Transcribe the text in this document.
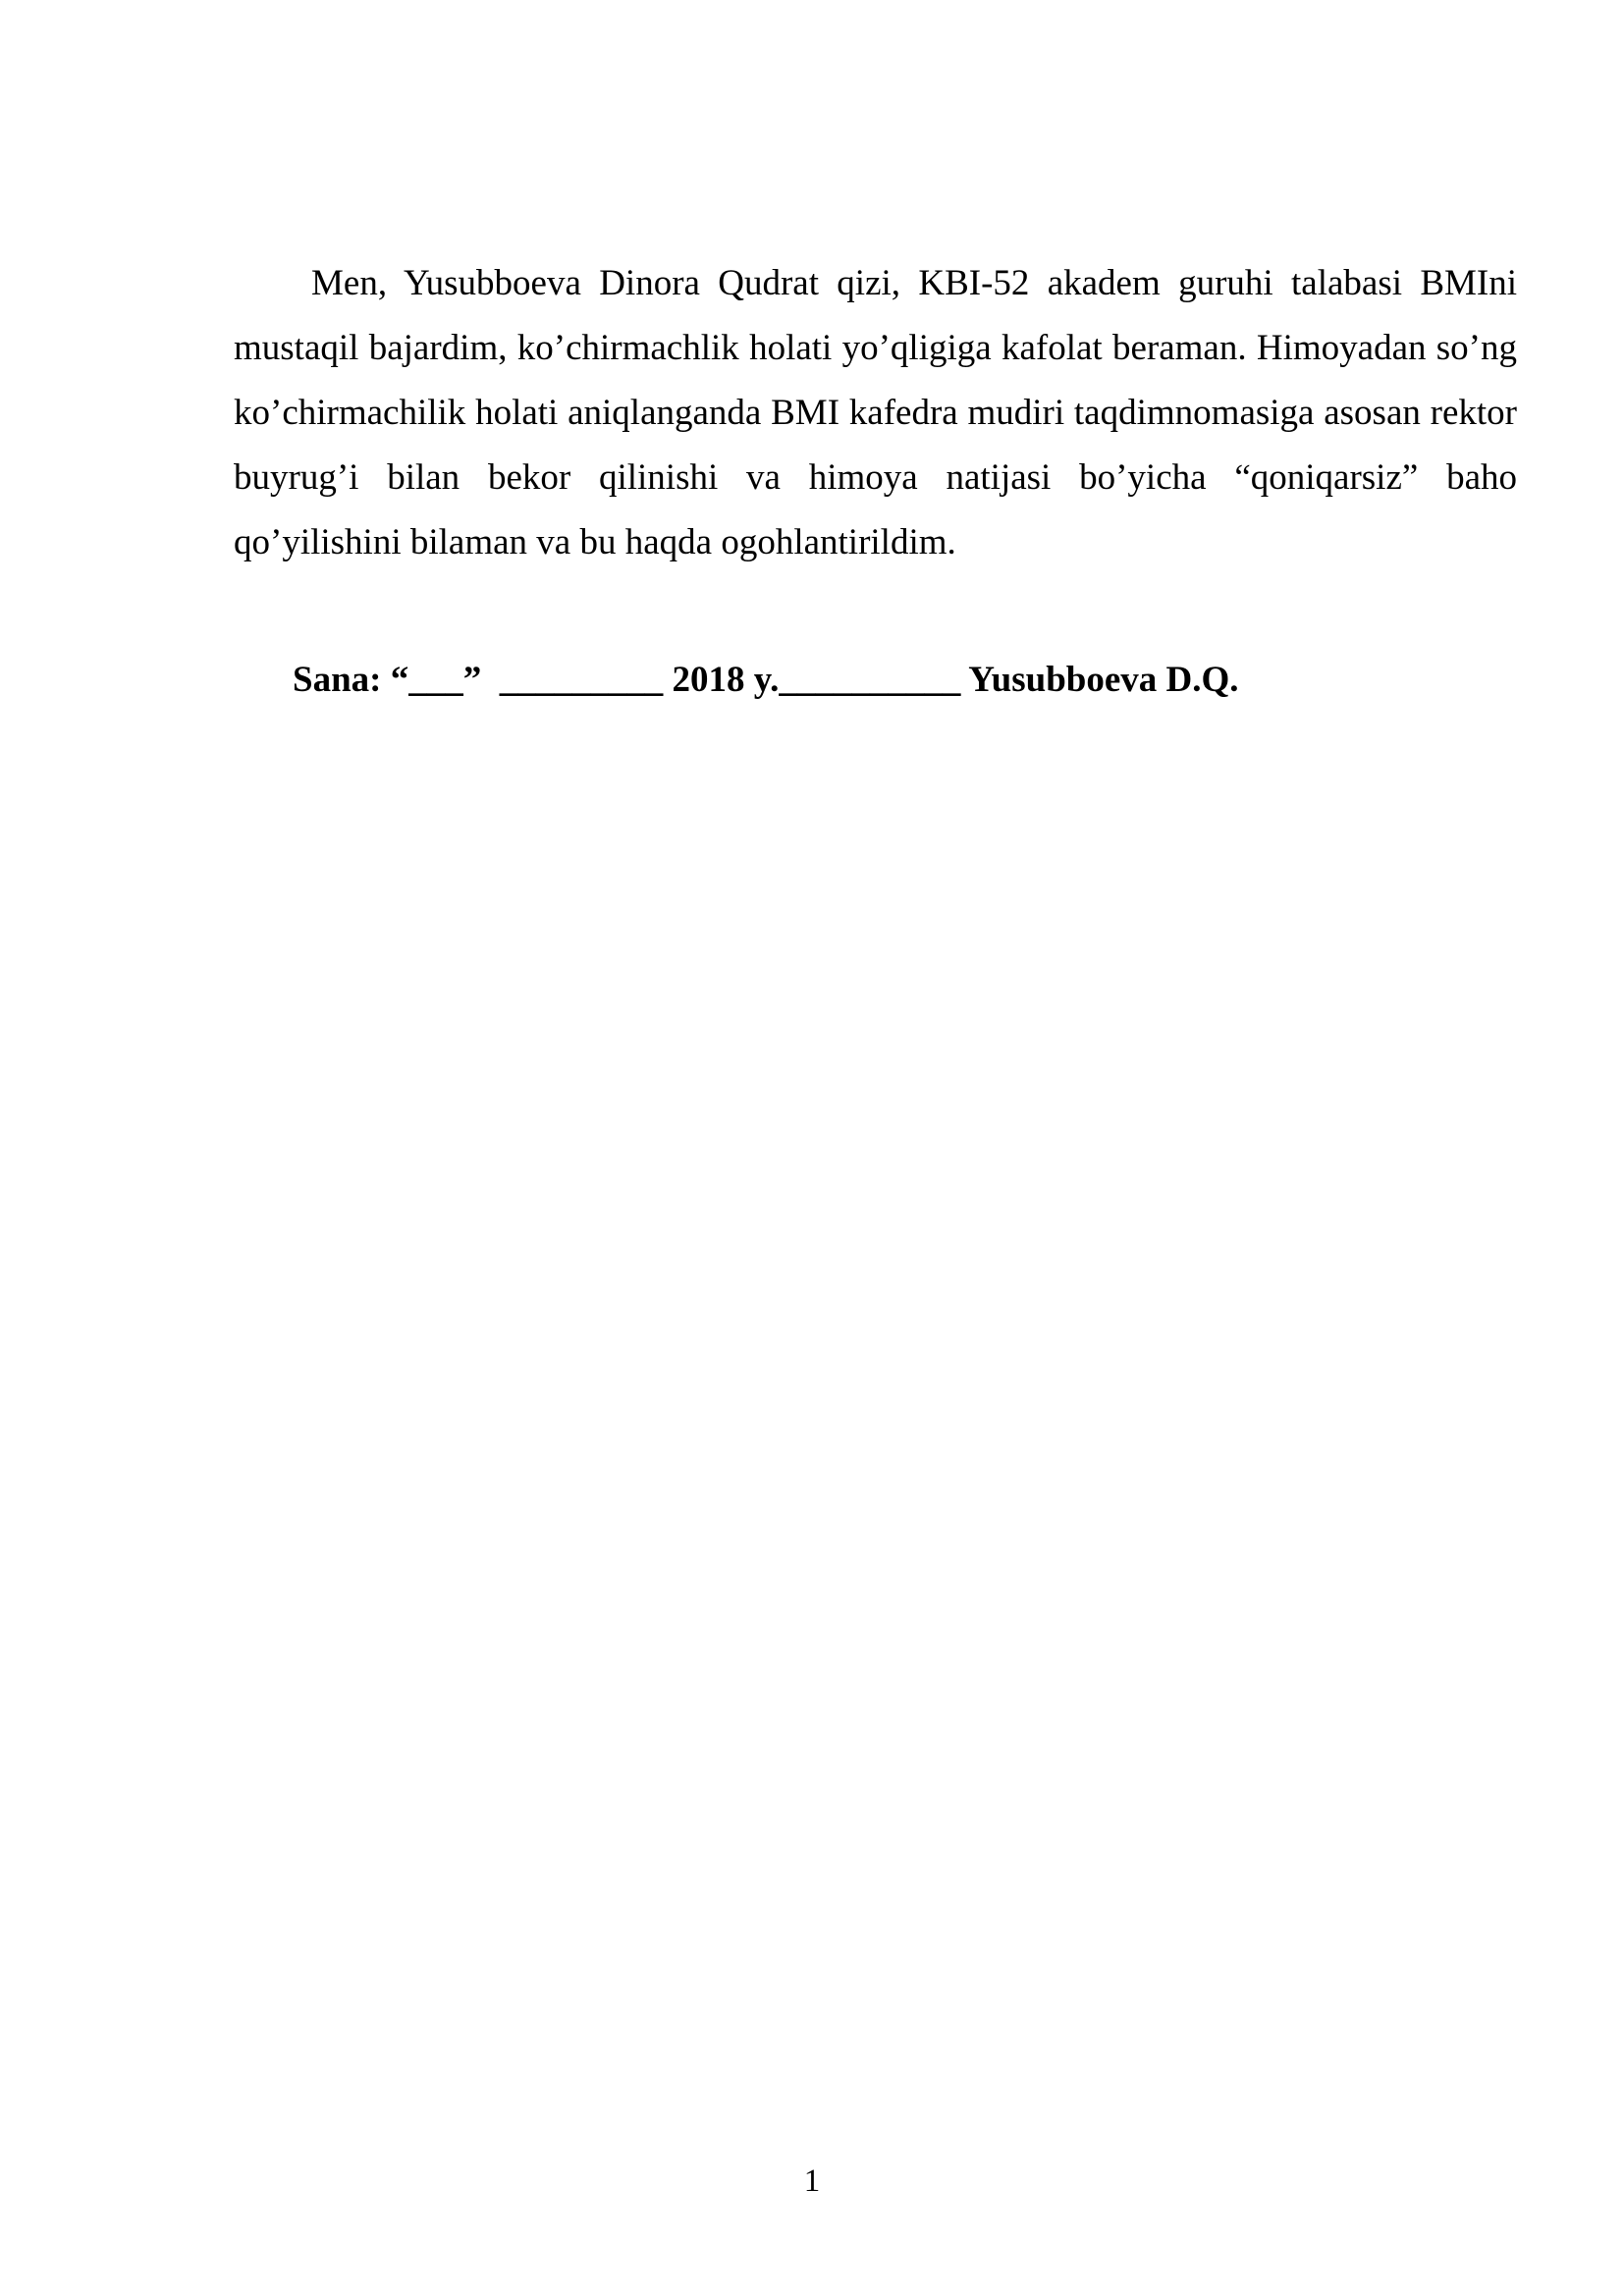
Men, Yusubboeva Dinora Qudrat qizi, KBI-52 akadem guruhi talabasi BMIni mustaqil bajardim, ko’chirmachlik holati yo’qligiga kafolat beraman. Himoyadan so’ng ko’chirmachilik holati aniqlanganda BMI kafedra mudiri taqdimnomasiga asosan rektor buyrug’i bilan bekor qilinishi va himoya natijasi bo’yicha “qoniqarsiz” baho qo’yilishini bilaman va bu haqda ogohlantirildim.

Sana: “___”  _________ 2018 y.__________ Yusubboeva D.Q.

1
